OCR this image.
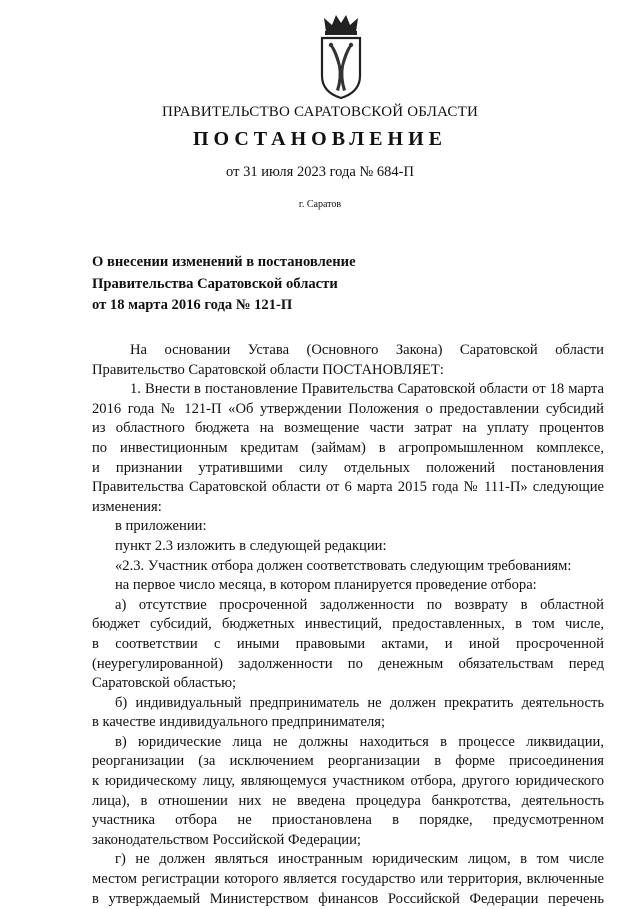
ПРАВИТЕЛЬСТВО САРАТОВСКОЙ ОБЛАСТИ
ПОСТАНОВЛЕНИЕ
от 31 июля 2023 года № 684-П
г. Саратов
О внесении изменений в постановление
Правительства Саратовской области
от 18 марта 2016 года № 121-П
На основании Устава (Основного Закона) Саратовской области
Правительство Саратовской области ПОСТАНОВЛЯЕТ:
1. Внести в постановление Правительства Саратовской области от 18 марта
2016 года № 121-П «Об утверждении Положения о предоставлении субсидий
из областного бюджета на возмещение части затрат на уплату процентов
по инвестиционным кредитам (займам) в агропромышленном комплексе,
и признании утратившими силу отдельных положений постановления
Правительства Саратовской области от 6 марта 2015 года № 111-П» следующие
изменения:
в приложении:
пункт 2.3 изложить в следующей редакции:
«2.3. Участник отбора должен соответствовать следующим требованиям:
на первое число месяца, в котором планируется проведение отбора:
а) отсутствие просроченной задолженности по возврату в областной
бюджет субсидий, бюджетных инвестиций, предоставленных, в том числе,
в соответствии с иными правовыми актами, и иной просроченной
(неурегулированной) задолженности по денежным обязательствам перед
Саратовской областью;
б) индивидуальный предприниматель не должен прекратить деятельность
в качестве индивидуального предпринимателя;
в) юридические лица не должны находиться в процессе ликвидации,
реорганизации (за исключением реорганизации в форме присоединения
к юридическому лицу, являющемуся участником отбора, другого юридического
лица), в отношении них не введена процедура банкротства, деятельность
участника отбора не приостановлена в порядке, предусмотренном
законодательством Российской Федерации;
г) не должен являться иностранным юридическим лицом, в том числе
местом регистрации которого является государство или территория, включенные
в утверждаемый Министерством финансов Российской Федерации перечень
